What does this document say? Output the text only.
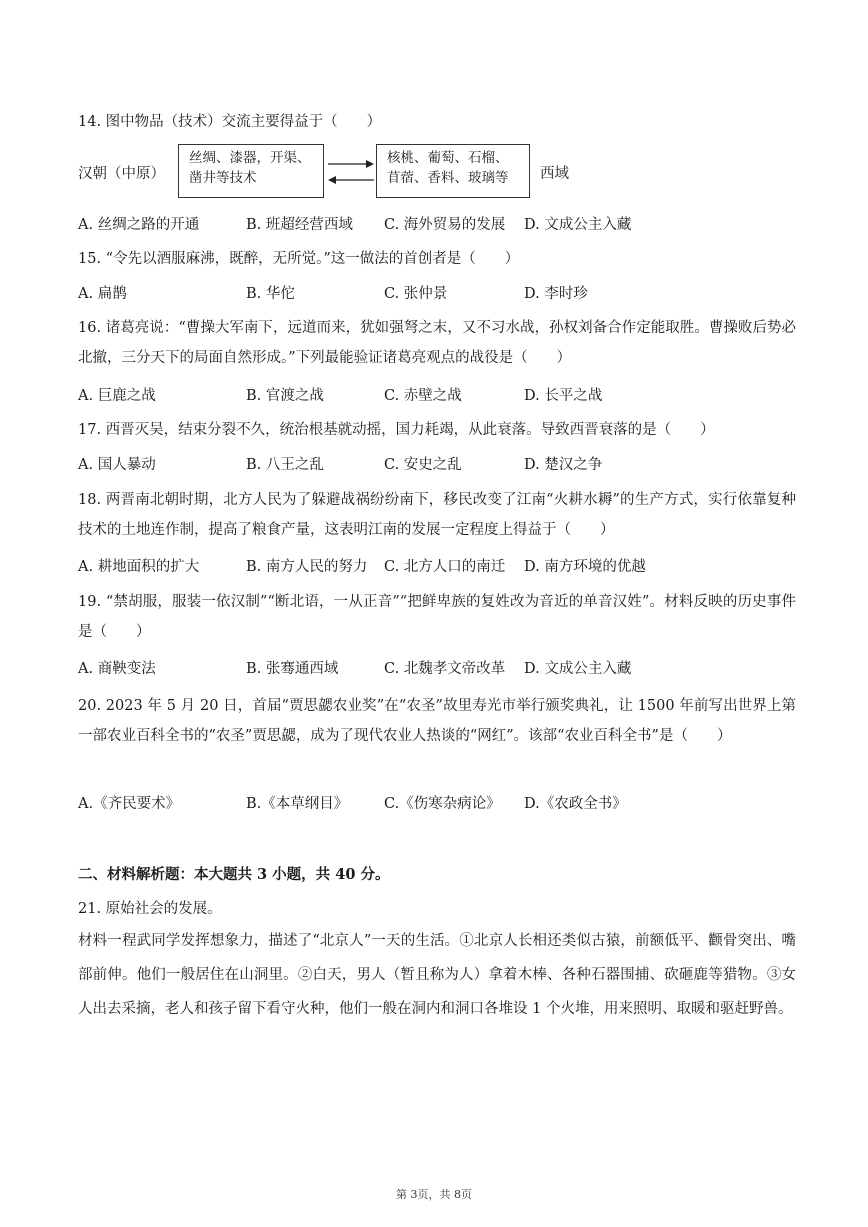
14. 图中物品（技术）交流主要得益于（　　）
汉朝（中原）
丝绸、漆器，开渠、
凿井等技术
核桃、葡萄、石榴、
苜蓿、香料、玻璃等	西域
A. 丝绸之路的开通	B. 班超经营西域 C. 海外贸易的发展 D. 文成公主入藏
15. “令先以酒服麻沸，既醉，无所觉。”这一做法的首创者是（　　）
A. 扁鹊	B. 华佗	C. 张仲景	D. 李时珍
16. 诸葛亮说：“曹操大军南下，远道而来，犹如强弩之末，又不习水战，孙权刘备合作定能取胜。曹操败后势必北撤，三分天下的局面自然形成。”下列最能验证诸葛亮观点的战役是（　　）
A. 巨鹿之战	B. 官渡之战	C. 赤壁之战	D. 长平之战
17. 西晋灭吴，结束分裂不久，统治根基就动摇，国力耗竭，从此衰落。导致西晋衰落的是（　　）
A. 国人暴动	B. 八王之乱	C. 安史之乱	D. 楚汉之争
18. 两晋南北朝时期，北方人民为了躲避战祸纷纷南下，移民改变了江南“火耕水耨”的生产方式，实行依靠复种技术的土地连作制，提高了粮食产量，这表明江南的发展一定程度上得益于（　　）
A. 耕地面积的扩大	B. 南方人民的努力 C. 北方人口的南迁 D. 南方环境的优越
19. “禁胡服，服装一依汉制”“断北语，一从正音”“把鲜卑族的复姓改为音近的单音汉姓”。材料反映的历史事件是（　　）
A. 商鞅变法	B. 张骞通西域	C. 北魏孝文帝改革 D. 文成公主入藏
20. 2023 年 5 月 20 日，首届“贾思勰农业奖”在“农圣”故里寿光市举行颁奖典礼，让 1500 年前写出世界上第一部农业百科全书的“农圣”贾思勰，成为了现代农业人热谈的“网红”。该部“农业百科全书”是（　　）
A.《齐民要术》	B.《本草纲目》 C.《伤寒杂病论》 D.《农政全书》
二、材料解析题：本大题共 3 小题，共 40 分。
21. 原始社会的发展。
材料一程武同学发挥想象力，描述了“北京人”一天的生活。①北京人长相还类似古猿，前额低平、颧骨突出、嘴部前伸。他们一般居住在山洞里。②白天，男人（暂且称为人）拿着木棒、各种石器围捕、砍砸鹿等猎物。③女人出去采摘，老人和孩子留下看守火种，他们一般在洞内和洞口各堆设 1 个火堆，用来照明、取暖和驱赶野兽。
第 3页，共 8页
